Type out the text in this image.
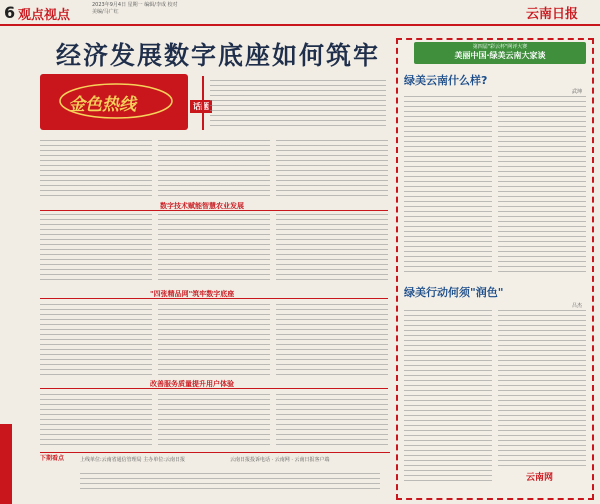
6 观点视点
2023年9月4日 星期一 编辑/李成 校对 美编/马广红	云南日报
经济发展数字底座如何筑牢
金色热线	话题
数字技术赋能智慧农业发展
"四张精品网"筑牢数字底座
改善服务质量提升用户体验
下期看点	上线单位:云南省通信管理局 主办单位:云南日报	云南日报投诉电话 · 云南网 · 云南日报客户端
第四届"彩云杯"网评大赛
美丽中国·绿美云南大家谈
绿美云南什么样?
武坤
绿美行动何须"润色"
吕杰
云南网
